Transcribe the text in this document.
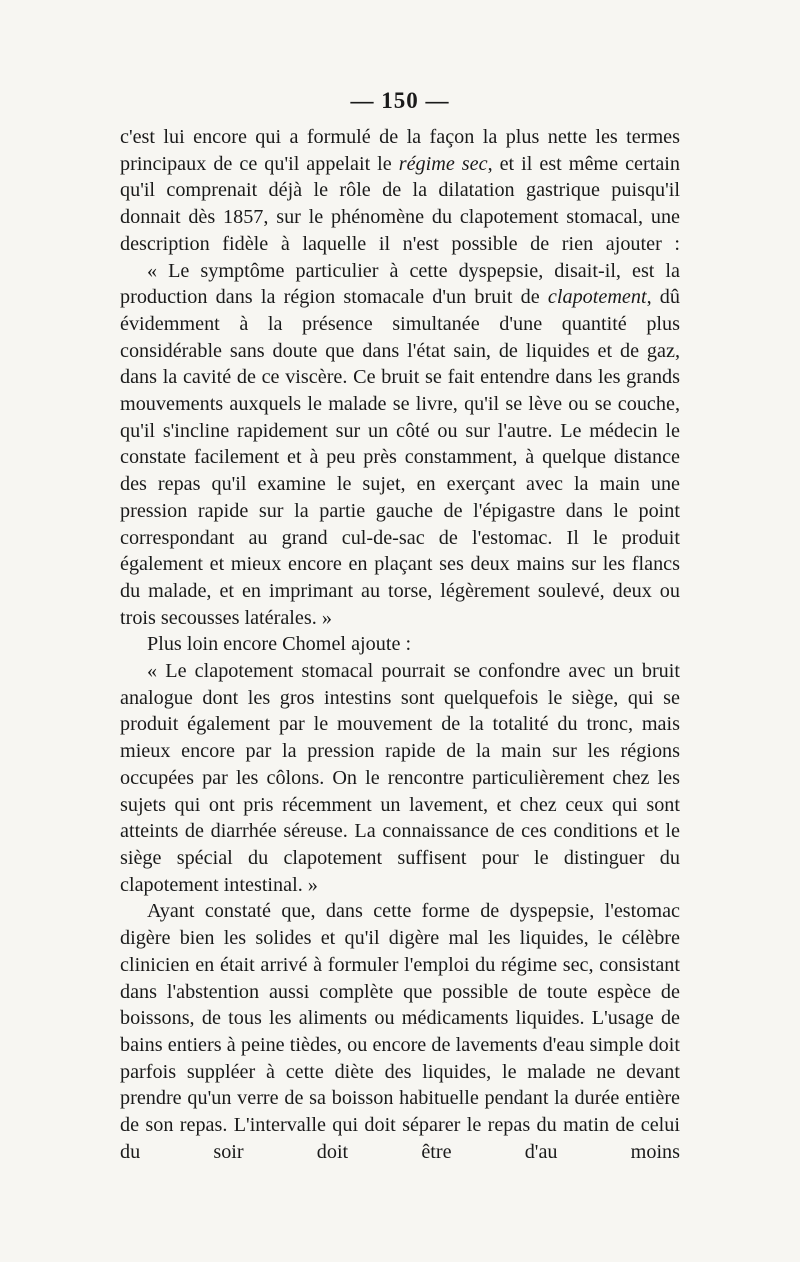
— 150 —

c'est lui encore qui a formulé de la façon la plus nette les termes principaux de ce qu'il appelait le régime sec, et il est même certain qu'il comprenait déjà le rôle de la dilatation gastrique puisqu'il donnait dès 1857, sur le phénomène du clapotement stomacal, une description fidèle à laquelle il n'est possible de rien ajouter :

« Le symptôme particulier à cette dyspepsie, disait-il, est la production dans la région stomacale d'un bruit de clapotement, dû évidemment à la présence simultanée d'une quantité plus considérable sans doute que dans l'état sain, de liquides et de gaz, dans la cavité de ce viscère. Ce bruit se fait entendre dans les grands mouvements auxquels le malade se livre, qu'il se lève ou se couche, qu'il s'incline rapidement sur un côté ou sur l'autre. Le médecin le constate facilement et à peu près constamment, à quelque distance des repas qu'il examine le sujet, en exerçant avec la main une pression rapide sur la partie gauche de l'épigastre dans le point correspondant au grand cul-de-sac de l'estomac. Il le produit également et mieux encore en plaçant ses deux mains sur les flancs du malade, et en imprimant au torse, légèrement soulevé, deux ou trois secousses latérales. »

Plus loin encore Chomel ajoute :

« Le clapotement stomacal pourrait se confondre avec un bruit analogue dont les gros intestins sont quelquefois le siège, qui se produit également par le mouvement de la totalité du tronc, mais mieux encore par la pression rapide de la main sur les régions occupées par les côlons. On le rencontre particulièrement chez les sujets qui ont pris récemment un lavement, et chez ceux qui sont atteints de diarrhée séreuse. La connaissance de ces conditions et le siège spécial du clapotement suffisent pour le distinguer du clapotement intestinal. »

Ayant constaté que, dans cette forme de dyspepsie, l'estomac digère bien les solides et qu'il digère mal les liquides, le célèbre clinicien en était arrivé à formuler l'emploi du régime sec, consistant dans l'abstention aussi complète que possible de toute espèce de boissons, de tous les aliments ou médicaments liquides. L'usage de bains entiers à peine tièdes, ou encore de lavements d'eau simple doit parfois suppléer à cette diète des liquides, le malade ne devant prendre qu'un verre de sa boisson habituelle pendant la durée entière de son repas. L'intervalle qui doit séparer le repas du matin de celui du soir doit être d'au moins
